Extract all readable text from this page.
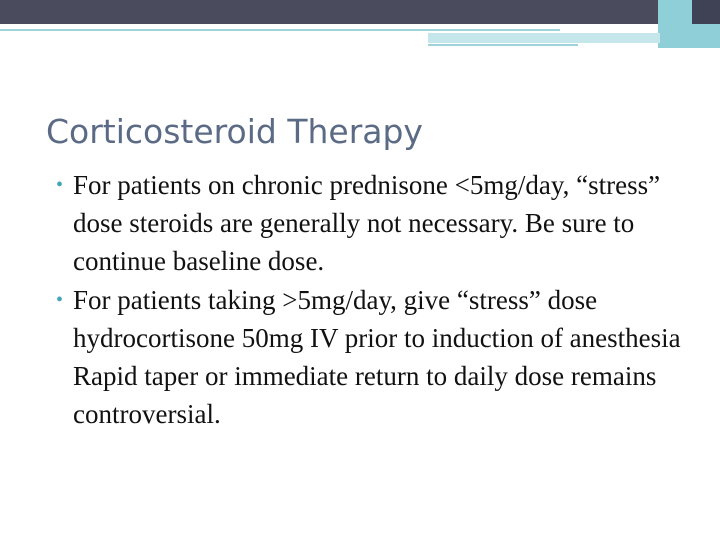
Corticosteroid Therapy
• For patients on chronic prednisone <5mg/day, “stress” dose steroids are generally not necessary. Be sure to continue baseline dose.
• For patients taking >5mg/day, give “stress” dose hydrocortisone 50mg IV prior to induction of anesthesia Rapid taper or immediate return to daily dose remains controversial.
